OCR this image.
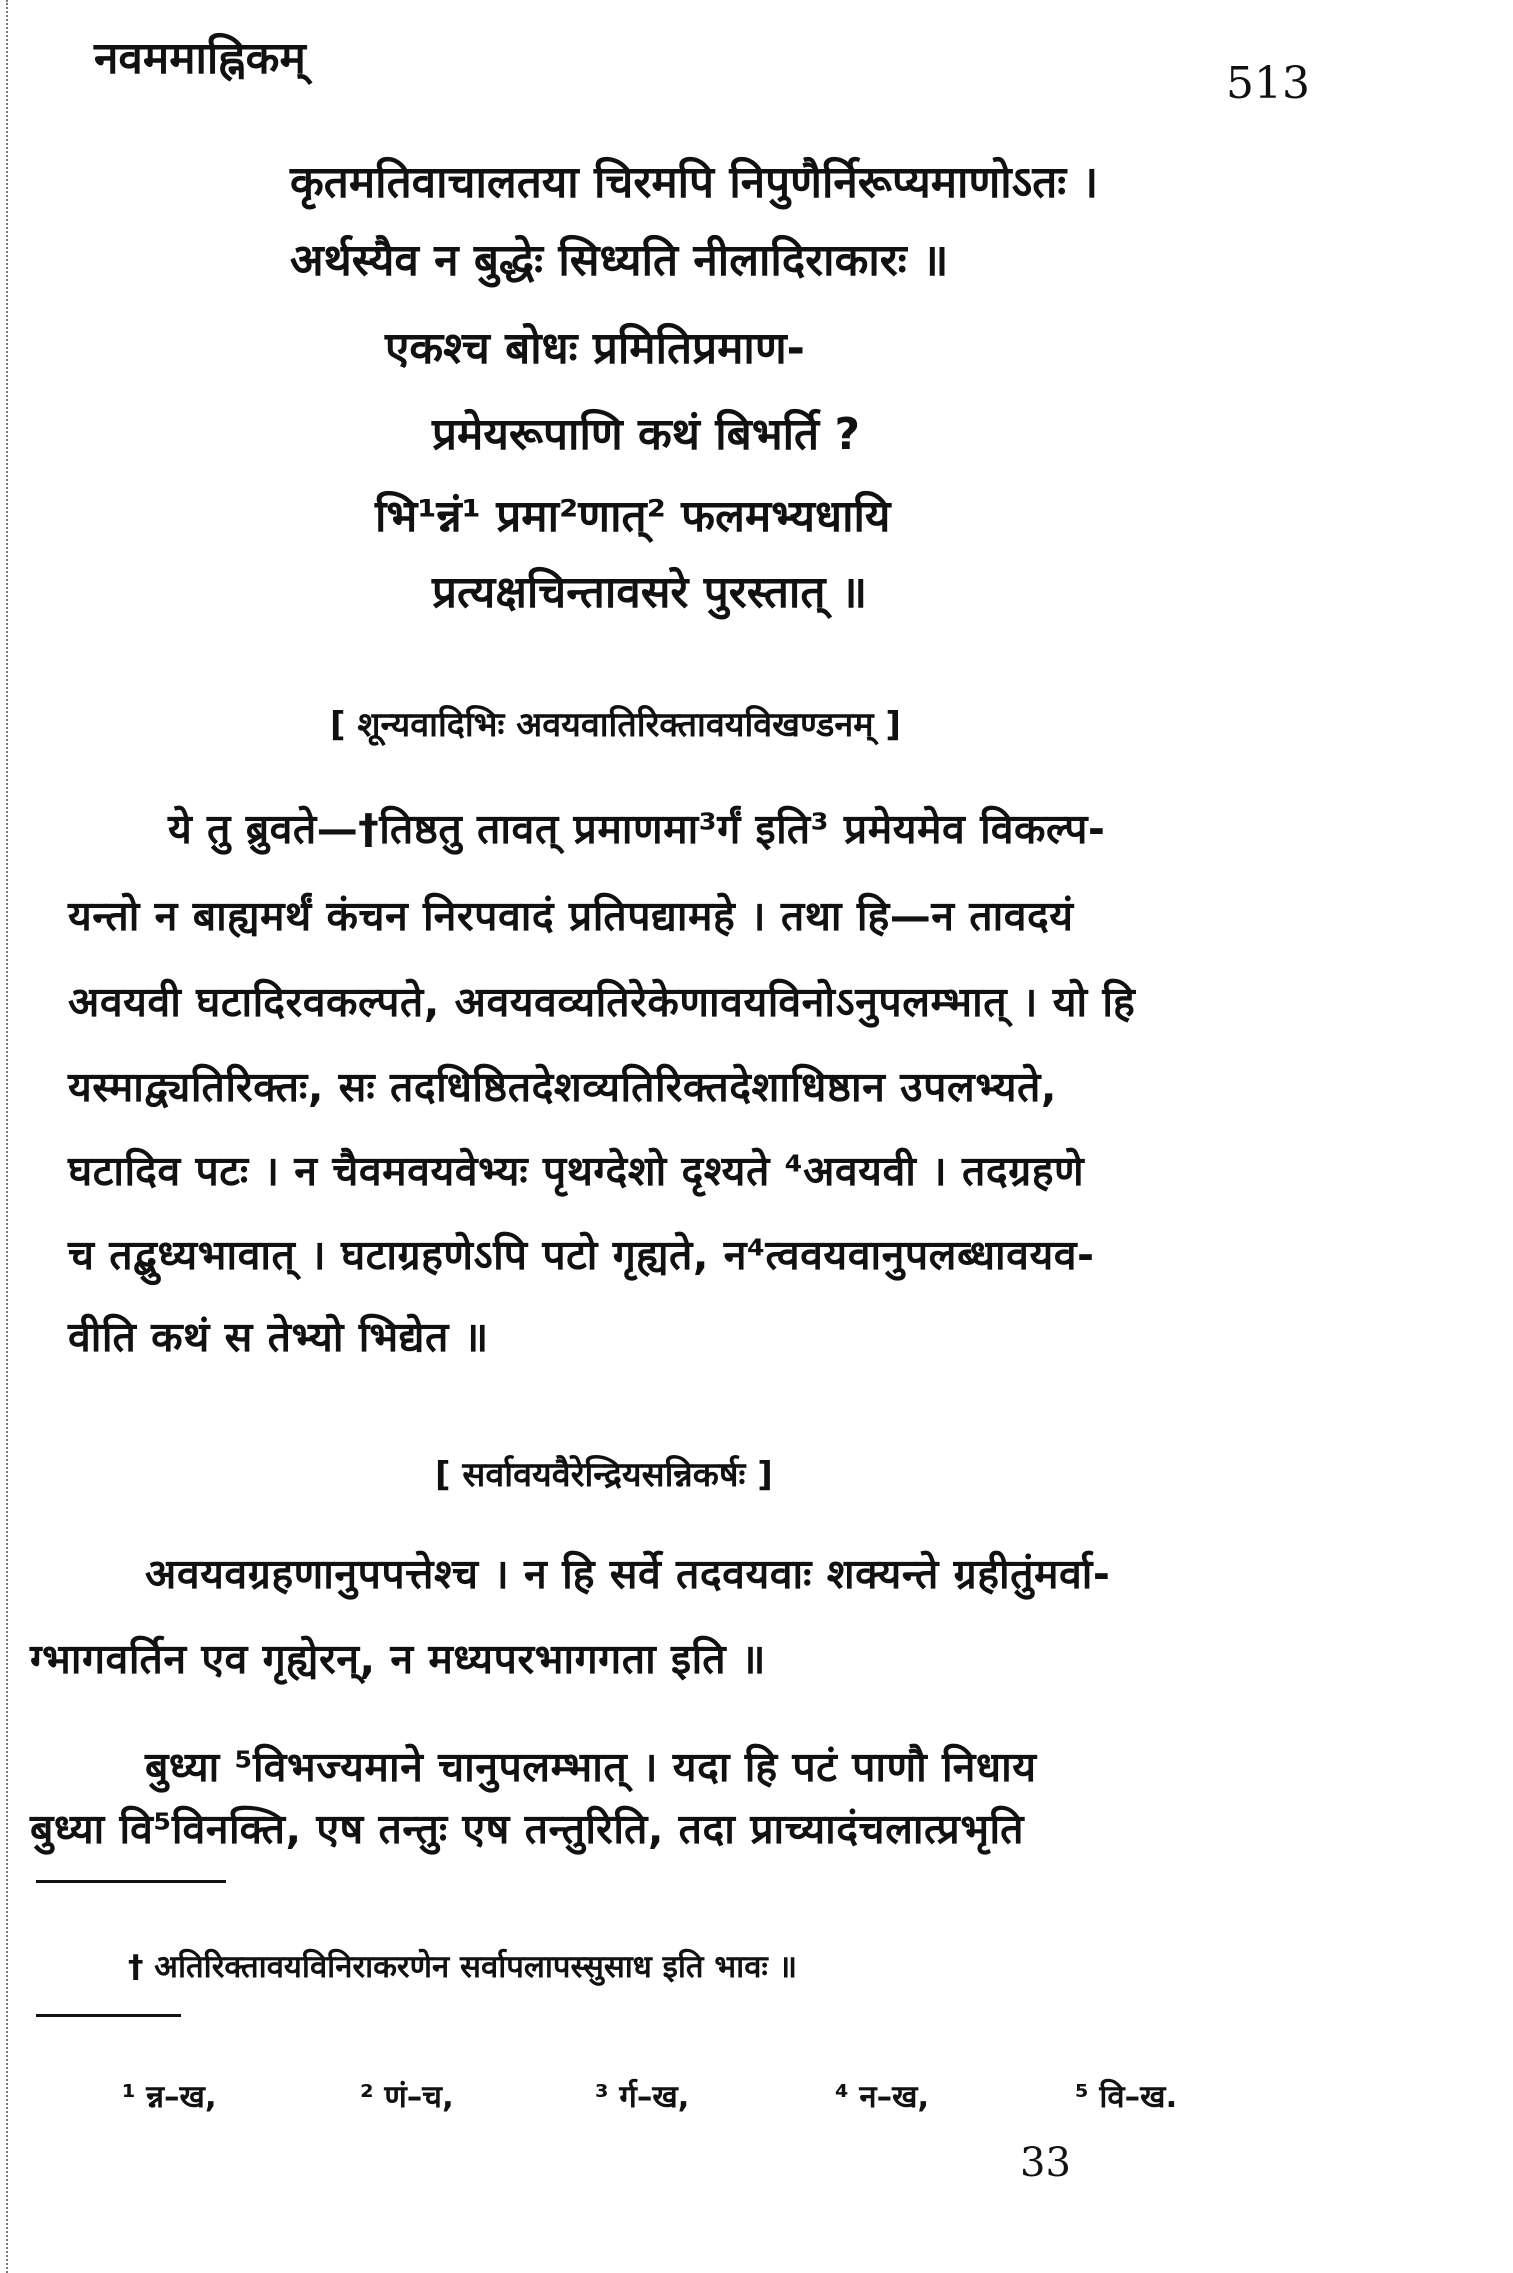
नवममाह्निकम्	513
कृतमतिवाचालतया चिरमपि निपुणैर्निरूप्यमाणोऽतः ।
अर्थस्यैव न बुद्धेः सिध्यति नीलादिराकारः ॥
एकश्च बोधः प्रमितिप्रमाण-
प्रमेयरूपाणि कथं बिभर्ति ?
भि¹न्नं¹ प्रमा²णात्² फलमभ्यधायि
प्रत्यक्षचिन्तावसरे पुरस्तात् ॥
[ शून्यवादिभिः अवयवातिरिक्तावयविखण्डनम् ]
ये तु ब्रुवते—†तिष्ठतु तावत् प्रमाणमा³र्गं इति³ प्रमेयमेव विकल्प-
यन्तो न बाह्यमर्थं कंचन निरपवादं प्रतिपद्यामहे । तथा हि—न तावदयं
अवयवी घटादिरवकल्पते, अवयवव्यतिरेकेणावयविनोऽनुपलम्भात् । यो हि
यस्माद्व्यतिरिक्तः, सः तदधिष्ठितदेशव्यतिरिक्तदेशाधिष्ठान उपलभ्यते,
घटादिव पटः । न चैवमवयवेभ्यः पृथग्देशो दृश्यते ⁴अवयवी । तदग्रहणे
च तद्बुध्यभावात् । घटाग्रहणेऽपि पटो गृह्यते, न⁴त्ववयवानुपलब्धावयव-
वीति कथं स तेभ्यो भिद्येत ॥
[ सर्वावयवैरेन्द्रियसन्निकर्षः ]
अवयवग्रहणानुपपत्तेश्च । न हि सर्वे तदवयवाः शक्यन्ते ग्रहीतुंमर्वा-
ग्भागवर्तिन एव गृह्येरन्, न मध्यपरभागगता इति ॥
बुध्या ⁵विभज्यमाने चानुपलम्भात् । यदा हि पटं पाणौ निधाय
बुध्या वि⁵विनक्ति, एष तन्तुः एष तन्तुरिति, तदा प्राच्यादंचलात्प्रभृति
† अतिरिक्तावयविनिराकरणेन सर्वापलापस्सुसाध इति भावः ॥
¹ न्न–ख,	² णं–च,	³ र्ग–ख,	⁴ न–ख,	⁵ वि–ख.
33
